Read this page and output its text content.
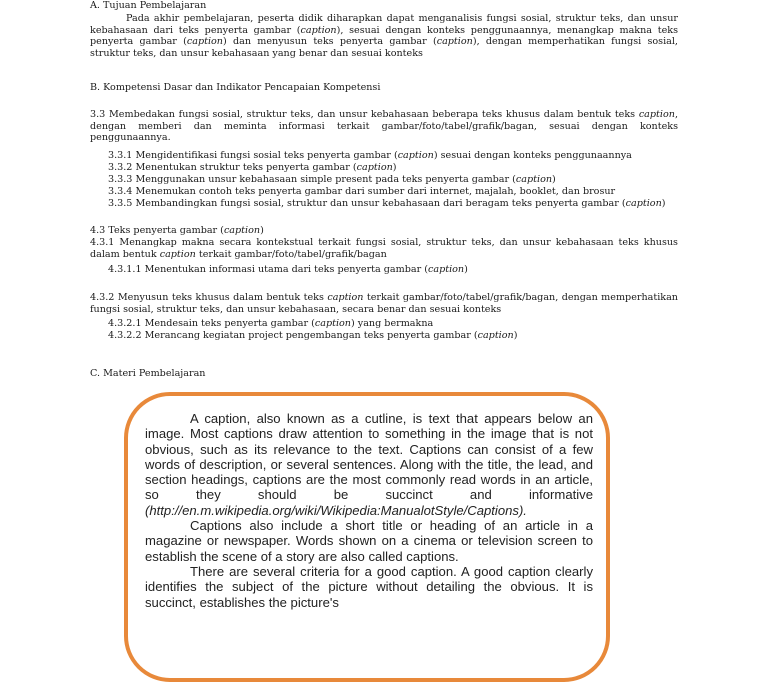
A. Tujuan Pembelajaran
Pada akhir pembelajaran, peserta didik diharapkan dapat menganalisis fungsi sosial, struktur teks, dan unsur kebahasaan dari teks penyerta gambar (caption), sesuai dengan konteks penggunaannya, menangkap makna teks penyerta gambar (caption) dan menyusun teks penyerta gambar (caption), dengan memperhatikan fungsi sosial, struktur teks, dan unsur kebahasaan yang benar dan sesuai konteks
B. Kompetensi Dasar dan Indikator Pencapaian Kompetensi
3.3 Membedakan fungsi sosial, struktur teks, dan unsur kebahasaan beberapa teks khusus dalam bentuk teks caption, dengan memberi dan meminta informasi terkait gambar/foto/tabel/grafik/bagan, sesuai dengan konteks penggunaannya.
3.3.1 Mengidentifikasi fungsi sosial teks penyerta gambar (caption) sesuai dengan konteks penggunaannya
3.3.2 Menentukan struktur teks penyerta gambar (caption)
3.3.3 Menggunakan unsur kebahasaan simple present pada teks penyerta gambar (caption)
3.3.4 Menemukan contoh teks penyerta gambar dari sumber dari internet, majalah, booklet, dan brosur
3.3.5 Membandingkan fungsi sosial, struktur dan unsur kebahasaan dari beragam teks penyerta gambar (caption)
4.3 Teks penyerta gambar (caption)
4.3.1 Menangkap makna secara kontekstual terkait fungsi sosial, struktur teks, dan unsur kebahasaan teks khusus dalam bentuk caption terkait gambar/foto/tabel/grafik/bagan
4.3.1.1 Menentukan informasi utama dari teks penyerta gambar (caption)
4.3.2 Menyusun teks khusus dalam bentuk teks caption terkait gambar/foto/tabel/grafik/bagan, dengan memperhatikan fungsi sosial, struktur teks, dan unsur kebahasaan, secara benar dan sesuai konteks
4.3.2.1 Mendesain teks penyerta gambar (caption) yang bermakna
4.3.2.2 Merancang kegiatan project pengembangan teks penyerta gambar (caption)
C. Materi Pembelajaran

A caption, also known as a cutline, is text that appears below an image. Most captions draw attention to something in the image that is not obvious, such as its relevance to the text. Captions can consist of a few words of description, or several sentences. Along with the title, the lead, and section headings, captions are the most commonly read words in an article, so they should be succinct and informative (http://en.m.wikipedia.org/wiki/Wikipedia:ManualotStyle/Captions).

Captions also include a short title or heading of an article in a magazine or newspaper. Words shown on a cinema or television screen to establish the scene of a story are also called captions.

There are several criteria for a good caption. A good caption clearly identifies the subject of the picture without detailing the obvious. It is succinct, establishes the picture's
